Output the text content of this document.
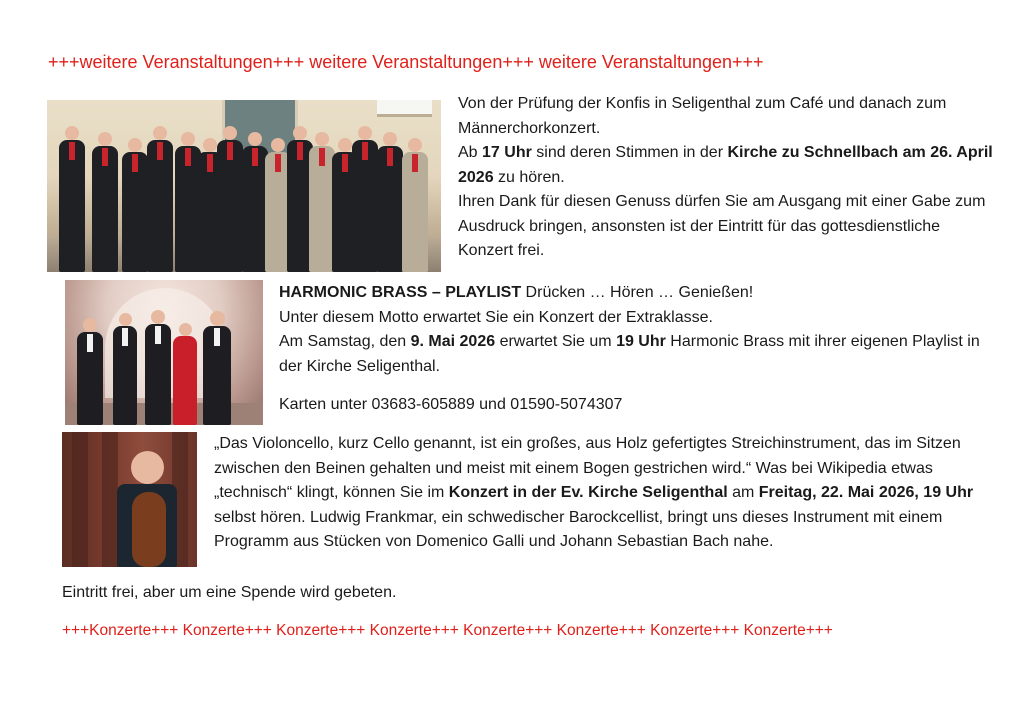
+++weitere Veranstaltungen+++ weitere Veranstaltungen+++ weitere Veranstaltungen+++

Von der Prüfung der Konfis in Seligenthal zum Café und danach zum Männerchorkonzert.

Ab 17 Uhr sind deren Stimmen in der Kirche zu Schnellbach am 26. April 2026 zu hören.

Ihren Dank für diesen Genuss dürfen Sie am Ausgang mit einer Gabe zum Ausdruck bringen, ansonsten ist der Eintritt für das gottesdienstliche Konzert frei.

HARMONIC BRASS – PLAYLIST Drücken … Hören … Genießen!

Unter diesem Motto erwartet Sie ein Konzert der Extraklasse.

Am Samstag, den 9. Mai 2026 erwartet Sie um 19 Uhr Harmonic Brass mit ihrer eigenen Playlist in der Kirche Seligenthal.

Karten unter 03683-605889 und 01590-5074307

„Das Violoncello, kurz Cello genannt, ist ein großes, aus Holz gefertigtes Streichinstrument, das im Sitzen zwischen den Beinen gehalten und meist mit einem Bogen gestrichen wird.“ Was bei Wikipedia etwas „technisch“ klingt, können Sie im Konzert in der Ev. Kirche Seligenthal am Freitag, 22. Mai 2026, 19 Uhr selbst hören. Ludwig Frankmar, ein schwedischer Barockcellist, bringt uns dieses Instrument mit einem Programm aus Stücken von Domenico Galli und Johann Sebastian Bach nahe.

Eintritt frei, aber um eine Spende wird gebeten.
+++Konzerte+++ Konzerte+++ Konzerte+++ Konzerte+++ Konzerte+++ Konzerte+++ Konzerte+++ Konzerte+++
